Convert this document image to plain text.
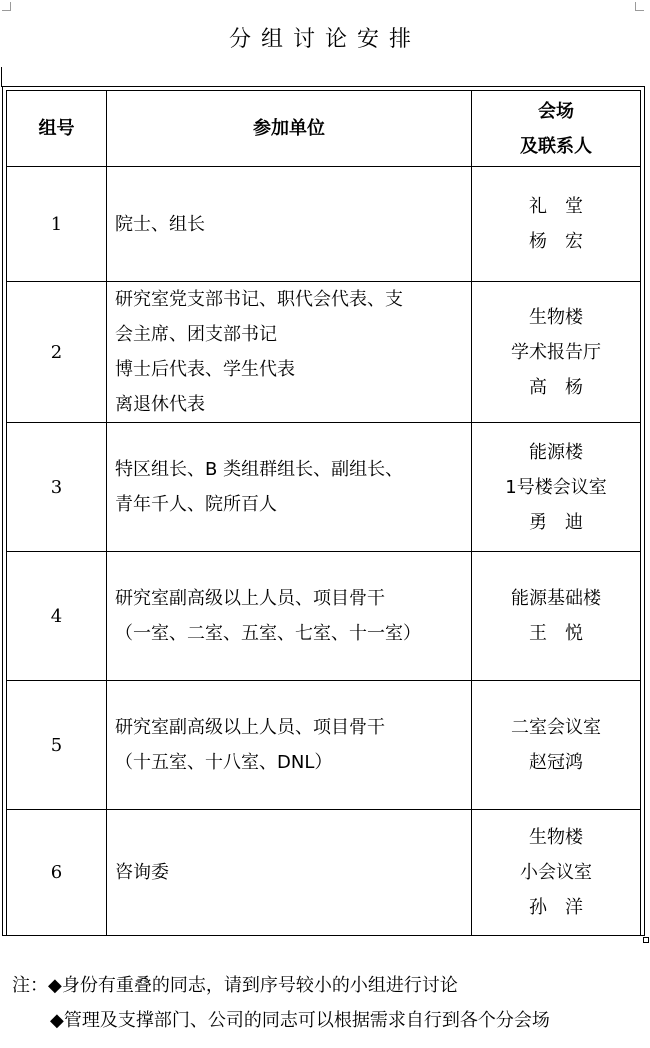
分组讨论安排
组号	参加单位	会场
及联系人

1	院士、组长	礼　堂
杨　宏

2	研究室党支部书记、职代会代表、支
会主席、团支部书记
博士后代表、学生代表
离退休代表	生物楼
学术报告厅
高　杨

3	特区组长、B 类组群组长、副组长、
青年千人、院所百人	能源楼
1号楼会议室
勇　迪

4	研究室副高级以上人员、项目骨干
（一室、二室、五室、七室、十一室）	能源基础楼
王　悦

5	研究室副高级以上人员、项目骨干
（十五室、十八室、DNL）	二室会议室
赵冠鸿

6	咨询委	生物楼
小会议室
孙　洋
注：◆身份有重叠的同志，请到序号较小的小组进行讨论
◆管理及支撑部门、公司的同志可以根据需求自行到各个分会场
